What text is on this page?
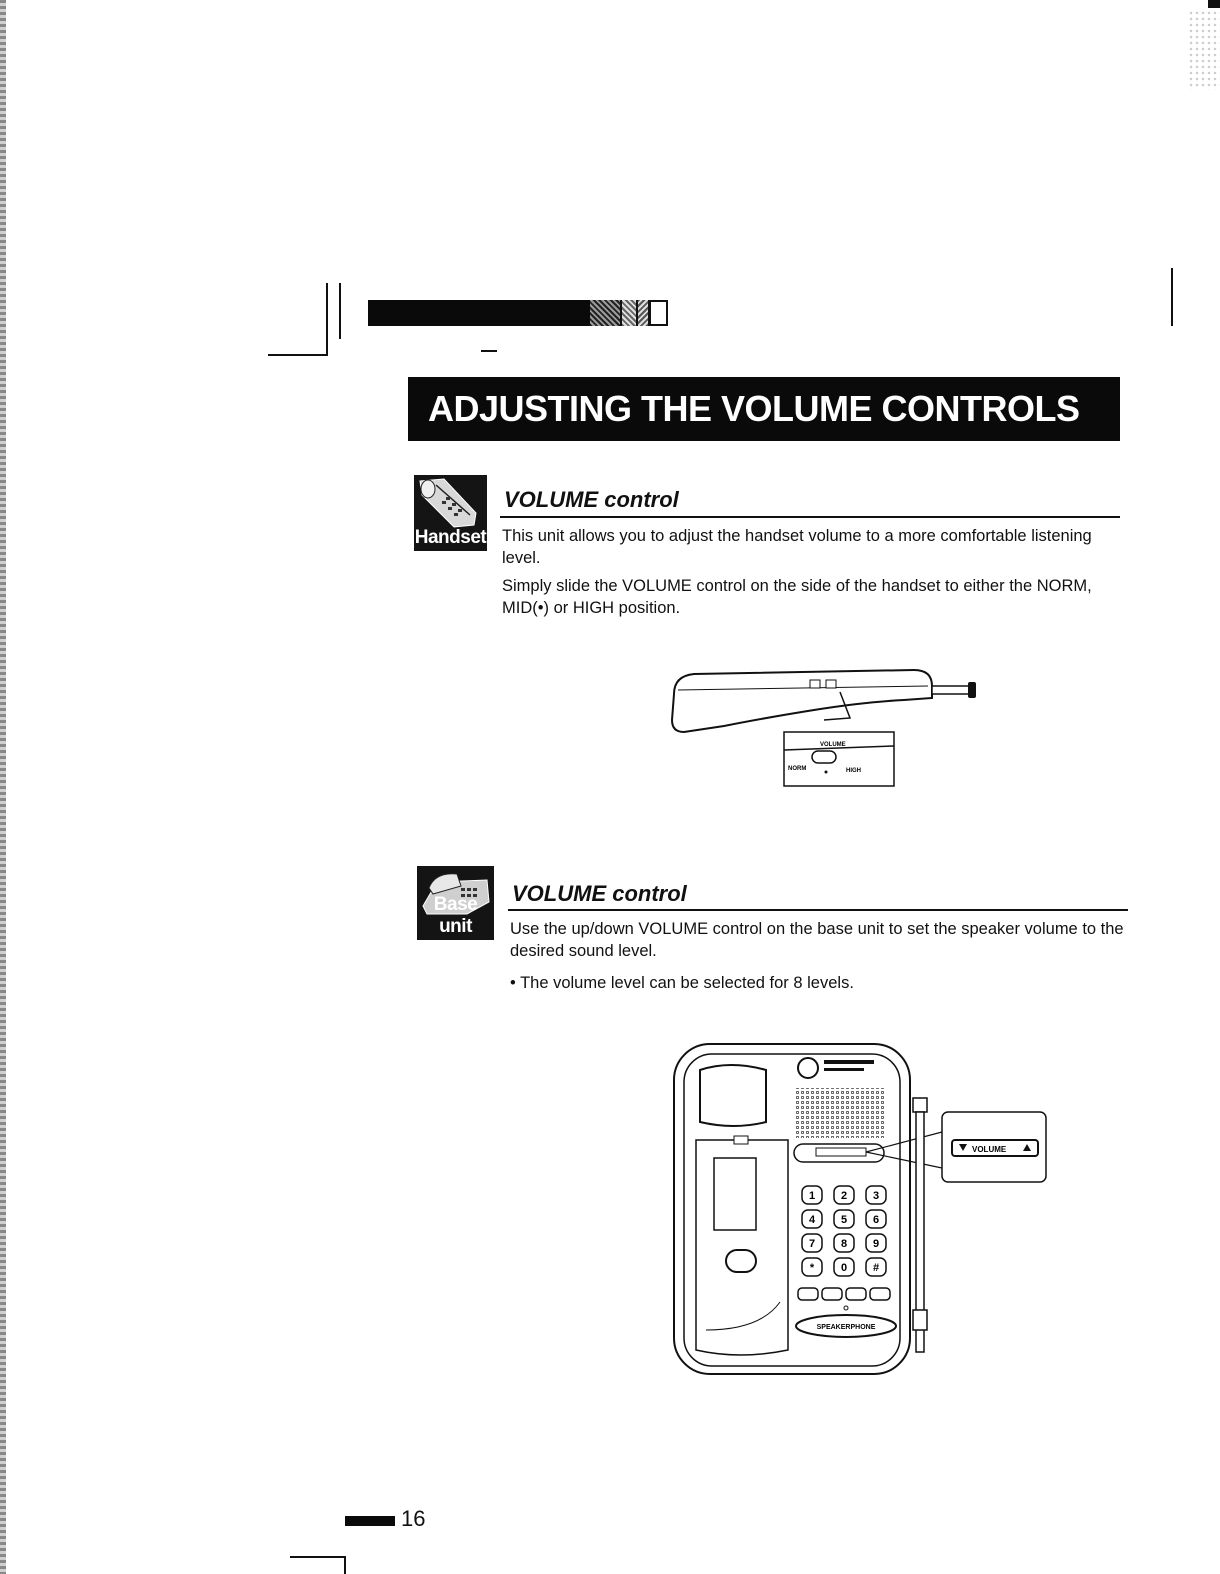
ADJUSTING THE VOLUME CONTROLS
Handset
VOLUME control
This unit allows you to adjust the handset volume to a more comfortable listening level.
Simply slide the VOLUME control on the side of the handset to either the NORM, MID(•) or HIGH position.
VOLUME
NORM	HIGH
Base unit
VOLUME control
Use the up/down VOLUME control on the base unit to set the speaker volume to the desired sound level.
• The volume level can be selected for 8 levels.
VOLUME
1 2 3
4 5 6
7 8 9
* 0 #
SPEAKERPHONE
16
